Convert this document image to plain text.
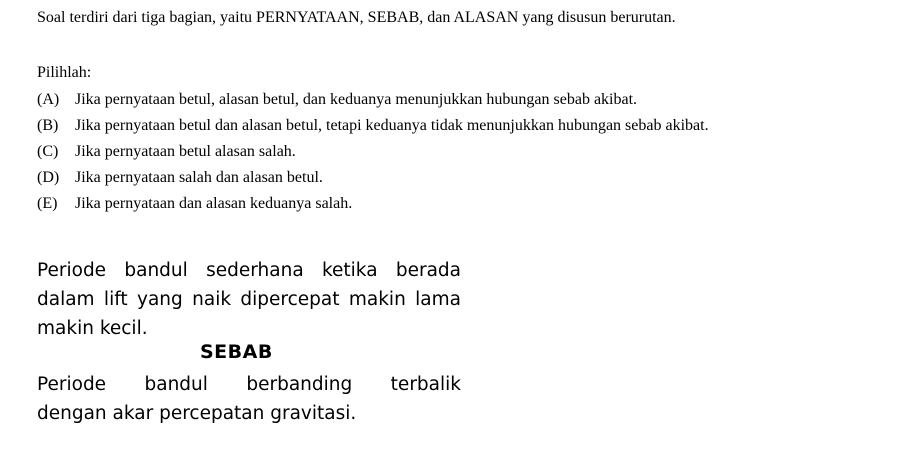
Soal terdiri dari tiga bagian, yaitu PERNYATAAN, SEBAB, dan ALASAN yang disusun berurutan.
Pilihlah:
(A) Jika pernyataan betul, alasan betul, dan keduanya menunjukkan hubungan sebab akibat.
(B)	Jika pernyataan betul dan alasan betul, tetapi keduanya tidak menunjukkan hubungan sebab akibat.
(C)	Jika pernyataan betul alasan salah.
(D) Jika pernyataan salah dan alasan betul.
(E)	Jika pernyataan dan alasan keduanya salah.
Periode bandul sederhana ketika berada dalam lift yang naik dipercepat makin lama makin kecil.
SEBAB
Periode bandul berbanding terbalik
dengan akar percepatan gravitasi.
